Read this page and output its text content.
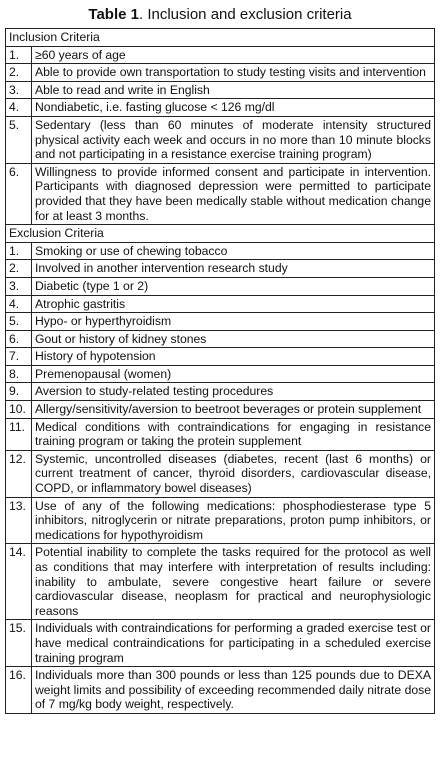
Table 1. Inclusion and exclusion criteria
Inclusion Criteria	
1.	≥60 years of age
2.	Able to provide own transportation to study testing visits and intervention
3.	Able to read and write in English
4.	Nondiabetic, i.e. fasting glucose < 126 mg/dl
5.	Sedentary (less than 60 minutes of moderate intensity structured physical activity each week and occurs in no more than 10 minute blocks and not participating in a resistance exercise training program)
6.	Willingness to provide informed consent and participate in intervention. Participants with diagnosed depression were permitted to participate provided that they have been medically stable without medication change for at least 3 months.
Exclusion Criteria	
1.	Smoking or use of chewing tobacco
2.	Involved in another intervention research study
3.	Diabetic (type 1 or 2)
4.	Atrophic gastritis
5.	Hypo- or hyperthyroidism
6.	Gout or history of kidney stones
7.	History of hypotension
8.	Premenopausal (women)
9.	Aversion to study-related testing procedures
10.	Allergy/sensitivity/aversion to beetroot beverages or protein supplement
11.	Medical conditions with contraindications for engaging in resistance training program or taking the protein supplement
12.	Systemic, uncontrolled diseases (diabetes, recent (last 6 months) or current treatment of cancer, thyroid disorders, cardiovascular disease, COPD, or inflammatory bowel diseases)
13.	Use of any of the following medications: phosphodiesterase type 5 inhibitors, nitroglycerin or nitrate preparations, proton pump inhibitors, or medications for hypothyroidism
14.	Potential inability to complete the tasks required for the protocol as well as conditions that may interfere with interpretation of results including: inability to ambulate, severe congestive heart failure or severe cardiovascular disease, neoplasm for practical and neurophysiologic reasons
15.	Individuals with contraindications for performing a graded exercise test or have medical contraindications for participating in a scheduled exercise training program
16.	Individuals more than 300 pounds or less than 125 pounds due to DEXA weight limits and possibility of exceeding recommended daily nitrate dose of 7 mg/kg body weight, respectively.
